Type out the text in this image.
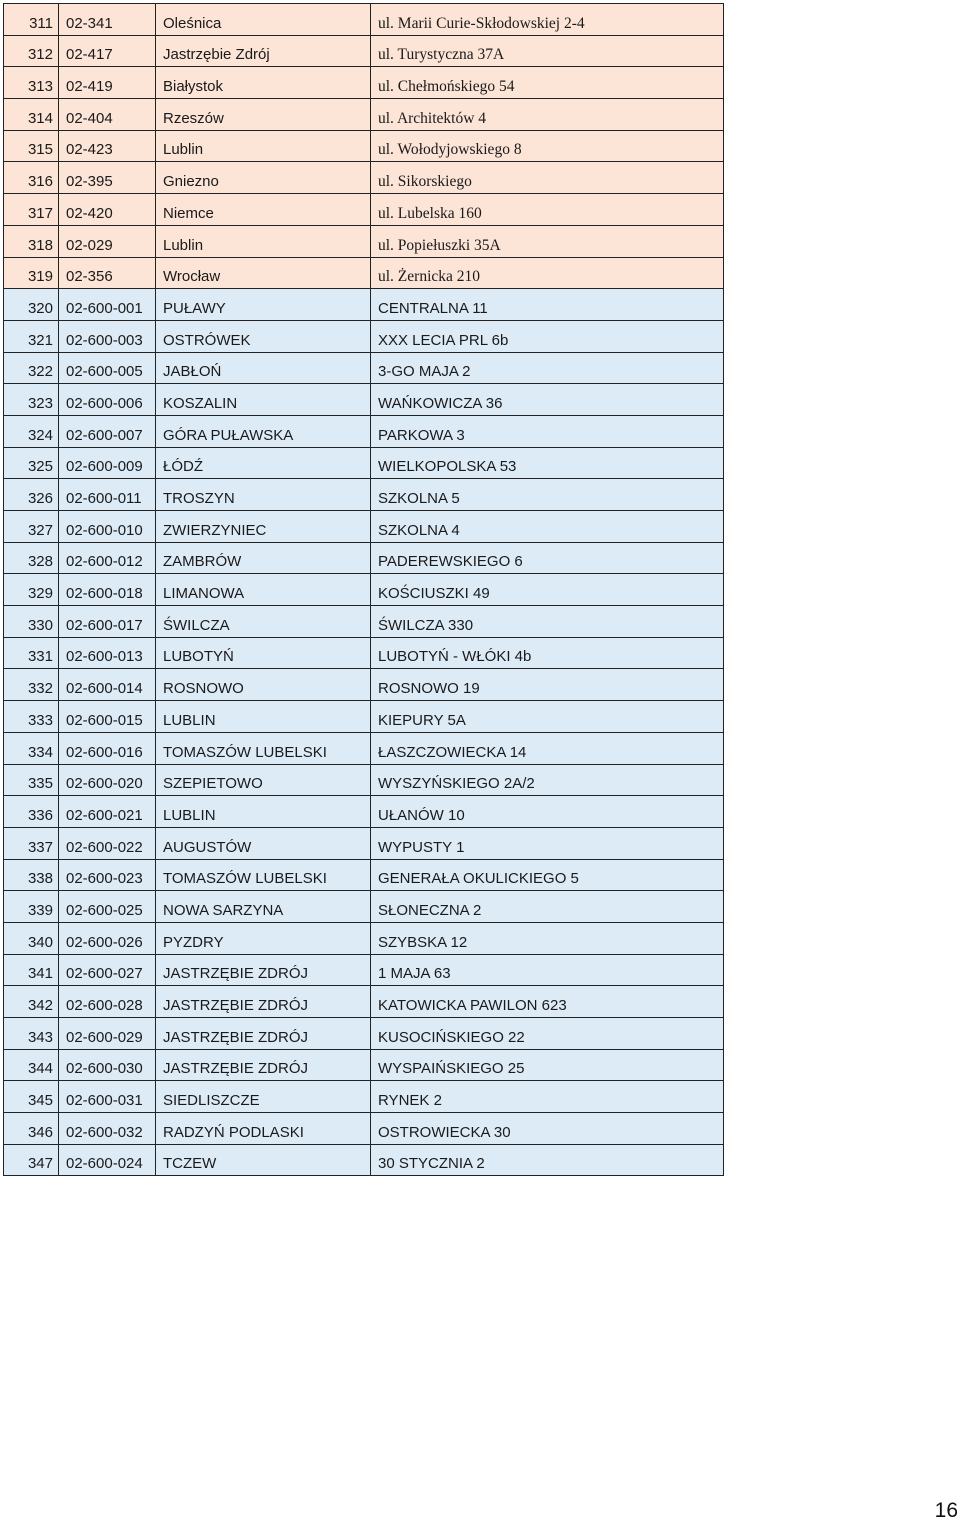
311	02-341	Oleśnica	ul. Marii Curie-Skłodowskiej 2-4
312	02-417	Jastrzębie Zdrój	ul. Turystyczna 37A
313	02-419	Białystok	ul. Chełmońskiego 54
314	02-404	Rzeszów	ul. Architektów 4
315	02-423	Lublin	ul. Wołodyjowskiego 8
316	02-395	Gniezno	ul. Sikorskiego
317	02-420	Niemce	ul. Lubelska 160
318	02-029	Lublin	ul. Popiełuszki 35A
319	02-356	Wrocław	ul. Żernicka 210
320	02-600-001	PUŁAWY	CENTRALNA 11
321	02-600-003	OSTRÓWEK	XXX LECIA PRL 6b
322	02-600-005	JABŁOŃ	3-GO MAJA 2
323	02-600-006	KOSZALIN	WAŃKOWICZA 36
324	02-600-007	GÓRA PUŁAWSKA	PARKOWA 3
325	02-600-009	ŁÓDŹ	WIELKOPOLSKA 53
326	02-600-011	TROSZYN	SZKOLNA 5
327	02-600-010	ZWIERZYNIEC	SZKOLNA 4
328	02-600-012	ZAMBRÓW	PADEREWSKIEGO 6
329	02-600-018	LIMANOWA	KOŚCIUSZKI 49
330	02-600-017	ŚWILCZA	ŚWILCZA 330
331	02-600-013	LUBOTYŃ	LUBOTYŃ - WŁÓKI 4b
332	02-600-014	ROSNOWO	ROSNOWO 19
333	02-600-015	LUBLIN	KIEPURY 5A
334	02-600-016	TOMASZÓW LUBELSKI	ŁASZCZOWIECKA 14
335	02-600-020	SZEPIETOWO	WYSZYŃSKIEGO 2A/2
336	02-600-021	LUBLIN	UŁANÓW 10
337	02-600-022	AUGUSTÓW	WYPUSTY 1
338	02-600-023	TOMASZÓW LUBELSKI	GENERAŁA OKULICKIEGO 5
339	02-600-025	NOWA SARZYNA	SŁONECZNA 2
340	02-600-026	PYZDRY	SZYBSKA 12
341	02-600-027	JASTRZĘBIE ZDRÓJ	1 MAJA 63
342	02-600-028	JASTRZĘBIE ZDRÓJ	KATOWICKA PAWILON 623
343	02-600-029	JASTRZĘBIE ZDRÓJ	KUSOCIŃSKIEGO 22
344	02-600-030	JASTRZĘBIE ZDRÓJ	WYSPAIŃSKIEGO 25
345	02-600-031	SIEDLISZCZE	RYNEK 2
346	02-600-032	RADZYŃ PODLASKI	OSTROWIECKA 30
347	02-600-024	TCZEW	30 STYCZNIA 2
16
